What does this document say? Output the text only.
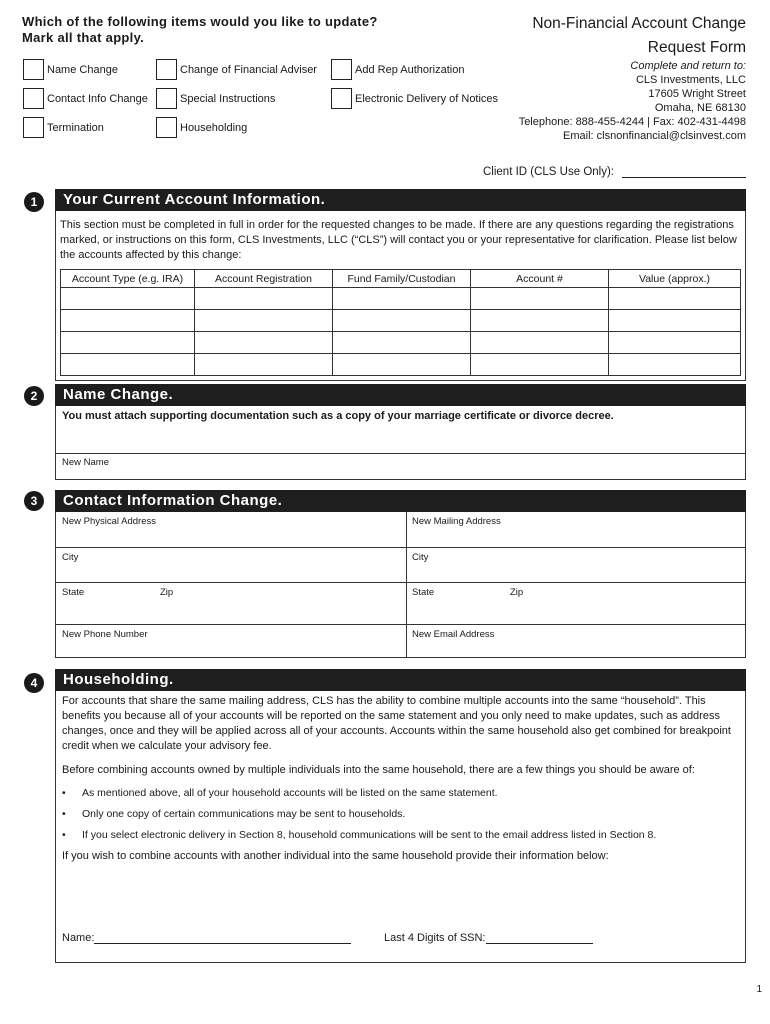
Which of the following items would you like to update?
Mark all that apply.
Name Change	Change of Financial Adviser	Add Rep Authorization
Contact Info Change	Special Instructions	Electronic Delivery of Notices
Termination	Householding
Non-Financial Account Change
Request Form
Complete and return to:
CLS Investments, LLC
17605 Wright Street
Omaha, NE 68130
Telephone: 888-455-4244 | Fax: 402-431-4498
Email: clsnonfinancial@clsinvest.com
Client ID (CLS Use Only):
1	Your Current Account Information.
This section must be completed in full in order for the requested changes to be made. If there are any questions regarding the registrations marked, or instructions on this form, CLS Investments, LLC (“CLS”) will contact you or your representative for clarification. Please list below the accounts affected by this change:
Account Type (e.g. IRA)	Account Registration	Fund Family/Custodian	Account #	Value (approx.)

2	Name Change.
You must attach supporting documentation such as a copy of your marriage certificate or divorce decree.
New Name
3	Contact Information Change.
New Physical Address	New Mailing Address
City	City
State	Zip	State	Zip
New Phone Number	New Email Address
4	Householding.
For accounts that share the same mailing address, CLS has the ability to combine multiple accounts into the same “household”. This benefits you because all of your accounts will be reported on the same statement and you only need to make updates, such as address changes, once and they will be applied across all of your accounts. Accounts within the same household also get combined for breakpoint credit when we calculate your advisory fee.
Before combining accounts owned by multiple individuals into the same household, there are a few things you should be aware of:
•	As mentioned above, all of your household accounts will be listed on the same statement.
•	Only one copy of certain communications may be sent to households.
•	If you select electronic delivery in Section 8, household communications will be sent to the email address listed in Section 8.
If you wish to combine accounts with another individual into the same household provide their information below:
Name:	Last 4 Digits of SSN:
1
